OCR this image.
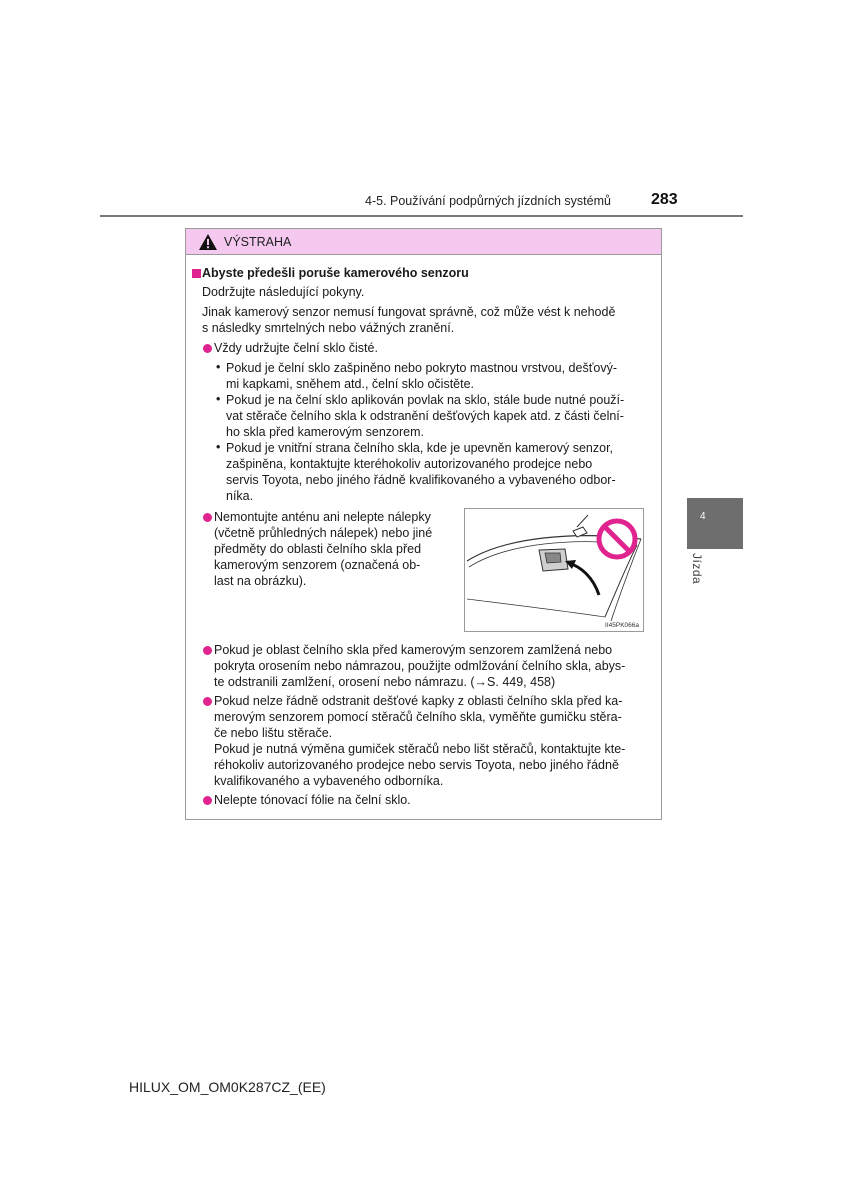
4-5. Používání podpůrných jízdních systémů	283
4
Jízda
VÝSTRAHA
Abyste předešli poruše kamerového senzoru
Dodržujte následující pokyny.
Jinak kamerový senzor nemusí fungovat správně, což může vést k nehodě
s následky smrtelných nebo vážných zranění.
Vždy udržujte čelní sklo čisté.
• Pokud je čelní sklo zašpiněno nebo pokryto mastnou vrstvou, dešťový-
mi kapkami, sněhem atd., čelní sklo očistěte.
• Pokud je na čelní sklo aplikován povlak na sklo, stále bude nutné použí-
vat stěrače čelního skla k odstranění dešťových kapek atd. z části čelní-
ho skla před kamerovým senzorem.
• Pokud je vnitřní strana čelního skla, kde je upevněn kamerový senzor,
zašpiněna, kontaktujte kteréhokoliv autorizovaného prodejce nebo
servis Toyota, nebo jiného řádně kvalifikovaného a vybaveného odbor-
níka.
Nemontujte anténu ani nelepte nálepky
(včetně průhledných nálepek) nebo jiné
předměty do oblasti čelního skla před
kamerovým senzorem (označená ob-
last na obrázku).
Pokud je oblast čelního skla před kamerovým senzorem zamlžená nebo
pokryta orosením nebo námrazou, použijte odmlžování čelního skla, abys-
te odstranili zamlžení, orosení nebo námrazu. (→S. 449, 458)
Pokud nelze řádně odstranit dešťové kapky z oblasti čelního skla před ka-
merovým senzorem pomocí stěračů čelního skla, vyměňte gumičku stěra-
če nebo lištu stěrače.
Pokud je nutná výměna gumiček stěračů nebo lišt stěračů, kontaktujte kte-
réhokoliv autorizovaného prodejce nebo servis Toyota, nebo jiného řádně
kvalifikovaného a vybaveného odborníka.
Nelepte tónovací fólie na čelní sklo.
II45PK066a
HILUX_OM_OM0K287CZ_(EE)
